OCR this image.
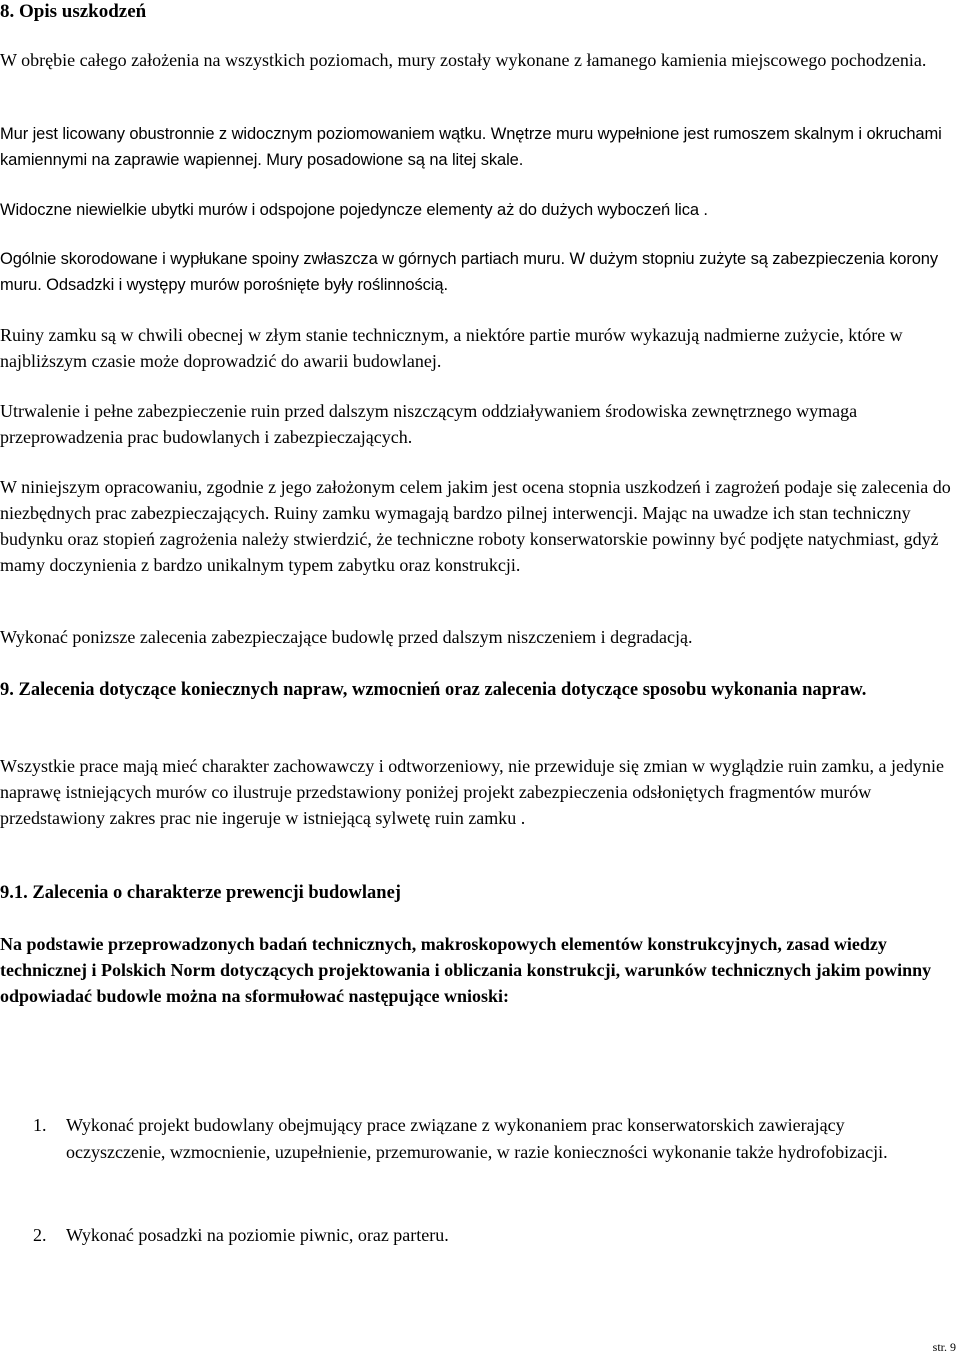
8. Opis uszkodzeń

W obrębie całego założenia na wszystkich poziomach, mury zostały wykonane z łamanego kamienia miejscowego pochodzenia.

Mur jest licowany obustronnie z widocznym poziomowaniem wątku. Wnętrze muru wypełnione jest rumoszem skalnym i okruchami kamiennymi na zaprawie wapiennej. Mury posadowione są na litej skale.

Widoczne niewielkie ubytki murów i odspojone pojedyncze elementy aż do dużych wyboczeń lica .

Ogólnie skorodowane i wypłukane spoiny zwłaszcza w górnych partiach muru. W dużym stopniu zużyte są zabezpieczenia korony muru. Odsadzki i występy murów porośnięte były roślinnością.

Ruiny zamku są w chwili obecnej w złym stanie technicznym, a niektóre partie murów wykazują nadmierne zużycie, które w najbliższym czasie może doprowadzić do awarii budowlanej.

Utrwalenie i pełne zabezpieczenie ruin przed dalszym niszczącym oddziaływaniem środowiska zewnętrznego wymaga przeprowadzenia prac budowlanych i zabezpieczających.

W niniejszym opracowaniu, zgodnie z jego założonym celem jakim jest ocena stopnia uszkodzeń i zagrożeń podaje się zalecenia do niezbędnych prac zabezpieczających. Ruiny zamku wymagają bardzo pilnej interwencji. Mając na uwadze ich stan techniczny budynku oraz stopień zagrożenia należy stwierdzić, że techniczne roboty konserwatorskie powinny być podjęte natychmiast, gdyż mamy doczynienia z bardzo unikalnym typem zabytku oraz konstrukcji.

Wykonać ponizsze zalecenia zabezpieczające budowlę przed dalszym niszczeniem i degradacją.

9. Zalecenia dotyczące koniecznych napraw, wzmocnień oraz zalecenia dotyczące sposobu wykonania napraw.

Wszystkie prace mają mieć charakter zachowawczy i odtworzeniowy, nie przewiduje się zmian w wyglądzie ruin zamku, a jedynie naprawę istniejących murów co ilustruje przedstawiony poniżej projekt zabezpieczenia odsłoniętych fragmentów murów przedstawiony zakres prac nie ingeruje w istniejącą sylwetę ruin zamku .

9.1. Zalecenia o charakterze prewencji budowlanej

Na podstawie przeprowadzonych badań technicznych, makroskopowych elementów konstrukcyjnych, zasad wiedzy technicznej i Polskich Norm dotyczących projektowania i obliczania konstrukcji, warunków technicznych jakim powinny odpowiadać budowle można na sformułować następujące wnioski:

1. Wykonać projekt budowlany obejmujący prace związane z wykonaniem prac konserwatorskich zawierający oczyszczenie, wzmocnienie, uzupełnienie, przemurowanie, w razie konieczności wykonanie także hydrofobizacji.
2. Wykonać posadzki na poziomie piwnic, oraz parteru.
str. 9
